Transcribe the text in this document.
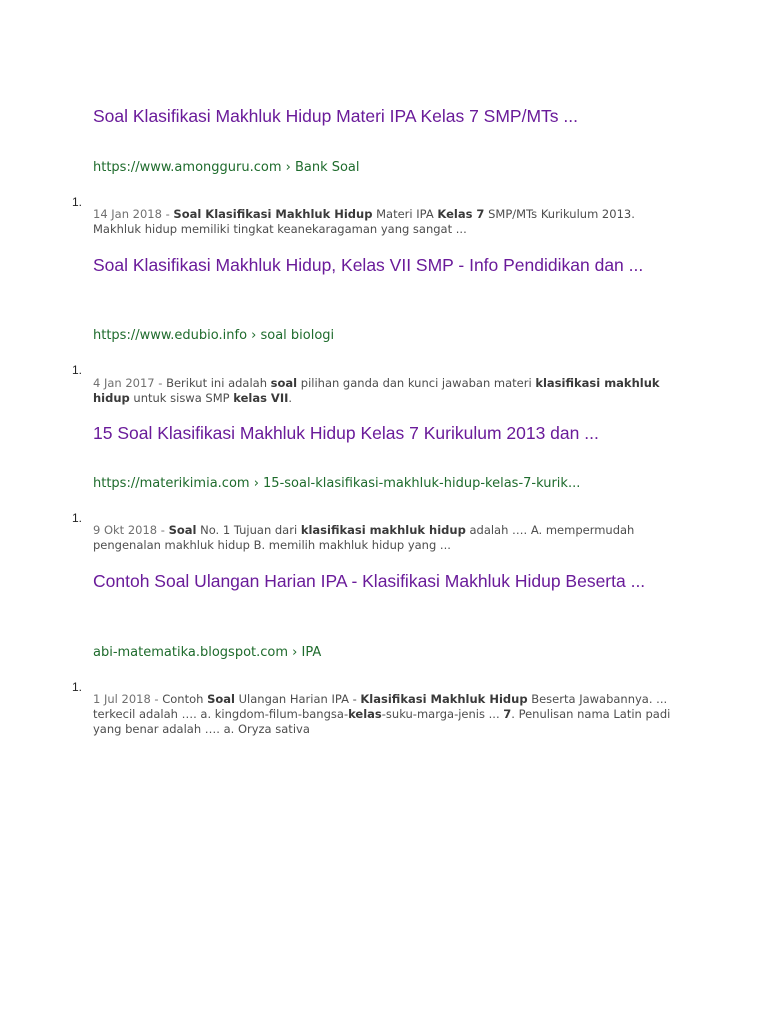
Soal Klasifikasi Makhluk Hidup Materi IPA Kelas 7 SMP/MTs ...
https://www.amongguru.com › Bank Soal
1.
14 Jan 2018 - Soal Klasifikasi Makhluk Hidup Materi IPA Kelas 7 SMP/MTs Kurikulum 2013. Makhluk hidup memiliki tingkat keanekaragaman yang sangat ...
Soal Klasifikasi Makhluk Hidup, Kelas VII SMP - Info Pendidikan dan ...
https://www.edubio.info › soal biologi
1.
4 Jan 2017 - Berikut ini adalah soal pilihan ganda dan kunci jawaban materi klasifikasi makhluk hidup untuk siswa SMP kelas VII.
15 Soal Klasifikasi Makhluk Hidup Kelas 7 Kurikulum 2013 dan ...
https://materikimia.com › 15-soal-klasifikasi-makhluk-hidup-kelas-7-kurik...
1.
9 Okt 2018 - Soal No. 1 Tujuan dari klasifikasi makhluk hidup adalah …. A. mempermudah pengenalan makhluk hidup B. memilih makhluk hidup yang ...
Contoh Soal Ulangan Harian IPA - Klasifikasi Makhluk Hidup Beserta ...
abi-matematika.blogspot.com › IPA
1.
1 Jul 2018 - Contoh Soal Ulangan Harian IPA - Klasifikasi Makhluk Hidup Beserta Jawabannya. ... terkecil adalah …. a. kingdom-filum-bangsa-kelas-suku-marga-jenis ... 7. Penulisan nama Latin padi yang benar adalah …. a. Oryza sativa
